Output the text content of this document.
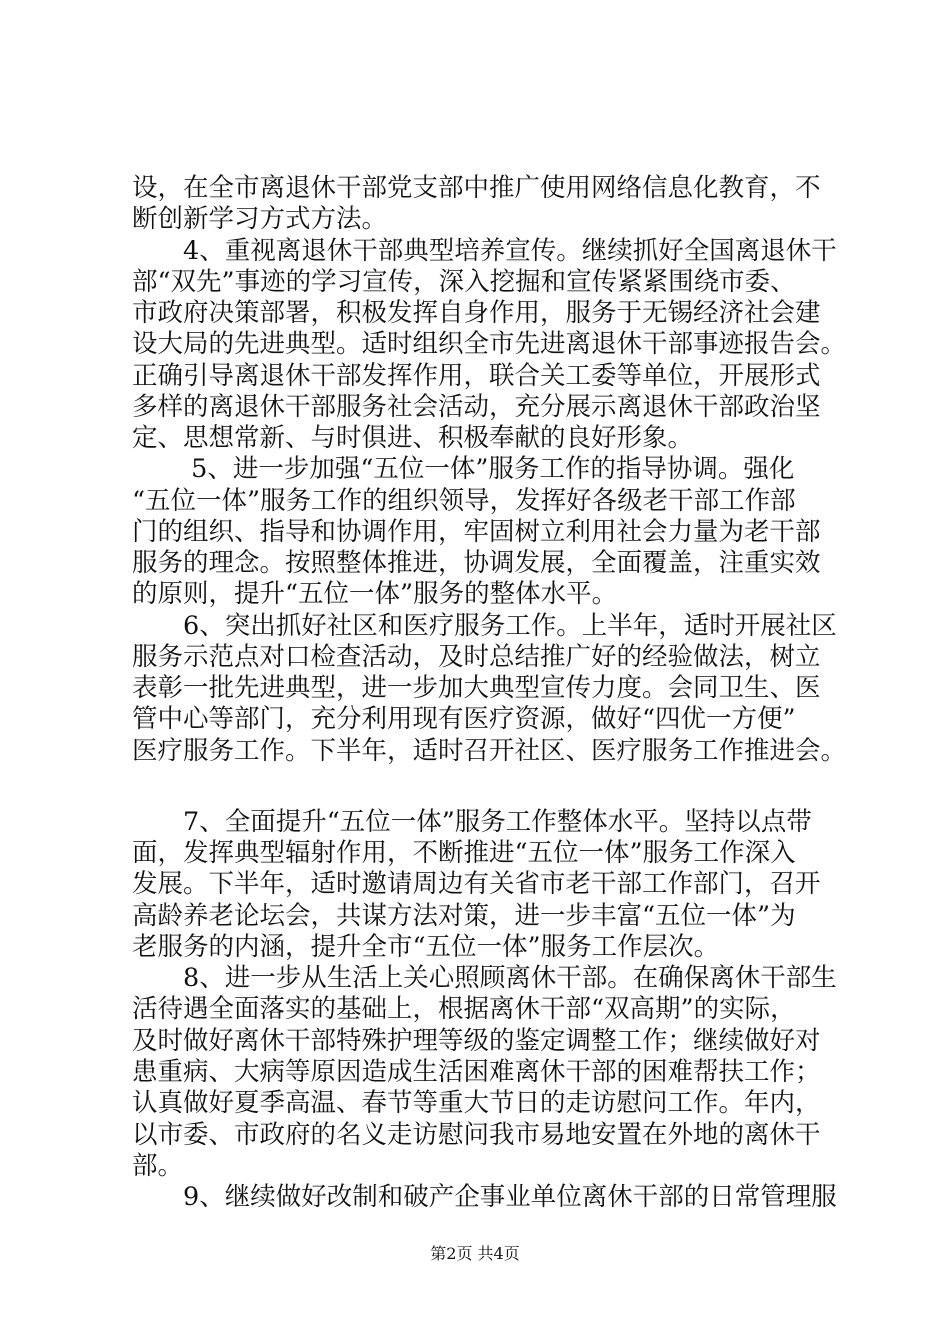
设，在全市离退休干部党支部中推广使用网络信息化教育，不
断创新学习方式方法。
　　4、重视离退休干部典型培养宣传。继续抓好全国离退休干
部“双先”事迹的学习宣传，深入挖掘和宣传紧紧围绕市委、
市政府决策部署，积极发挥自身作用，服务于无锡经济社会建
设大局的先进典型。适时组织全市先进离退休干部事迹报告会。
正确引导离退休干部发挥作用，联合关工委等单位，开展形式
多样的离退休干部服务社会活动，充分展示离退休干部政治坚
定、思想常新、与时俱进、积极奉献的良好形象。
　　 5、进一步加强“五位一体”服务工作的指导协调。强化
“五位一体”服务工作的组织领导，发挥好各级老干部工作部
门的组织、指导和协调作用，牢固树立利用社会力量为老干部
服务的理念。按照整体推进，协调发展，全面覆盖，注重实效
的原则，提升“五位一体”服务的整体水平。
　　6、突出抓好社区和医疗服务工作。上半年，适时开展社区
服务示范点对口检查活动，及时总结推广好的经验做法，树立
表彰一批先进典型，进一步加大典型宣传力度。会同卫生、医
管中心等部门，充分利用现有医疗资源，做好“四优一方便”
医疗服务工作。下半年，适时召开社区、医疗服务工作推进会。
　　7、全面提升“五位一体”服务工作整体水平。坚持以点带
面，发挥典型辐射作用，不断推进“五位一体”服务工作深入
发展。下半年，适时邀请周边有关省市老干部工作部门，召开
高龄养老论坛会，共谋方法对策，进一步丰富“五位一体”为
老服务的内涵，提升全市“五位一体”服务工作层次。
　　8、进一步从生活上关心照顾离休干部。在确保离休干部生
活待遇全面落实的基础上，根据离休干部“双高期”的实际，
及时做好离休干部特殊护理等级的鉴定调整工作；继续做好对
患重病、大病等原因造成生活困难离休干部的困难帮扶工作；
认真做好夏季高温、春节等重大节日的走访慰问工作。年内，
以市委、市政府的名义走访慰问我市易地安置在外地的离休干
部。
　　9、继续做好改制和破产企事业单位离休干部的日常管理服
第2页 共4页
